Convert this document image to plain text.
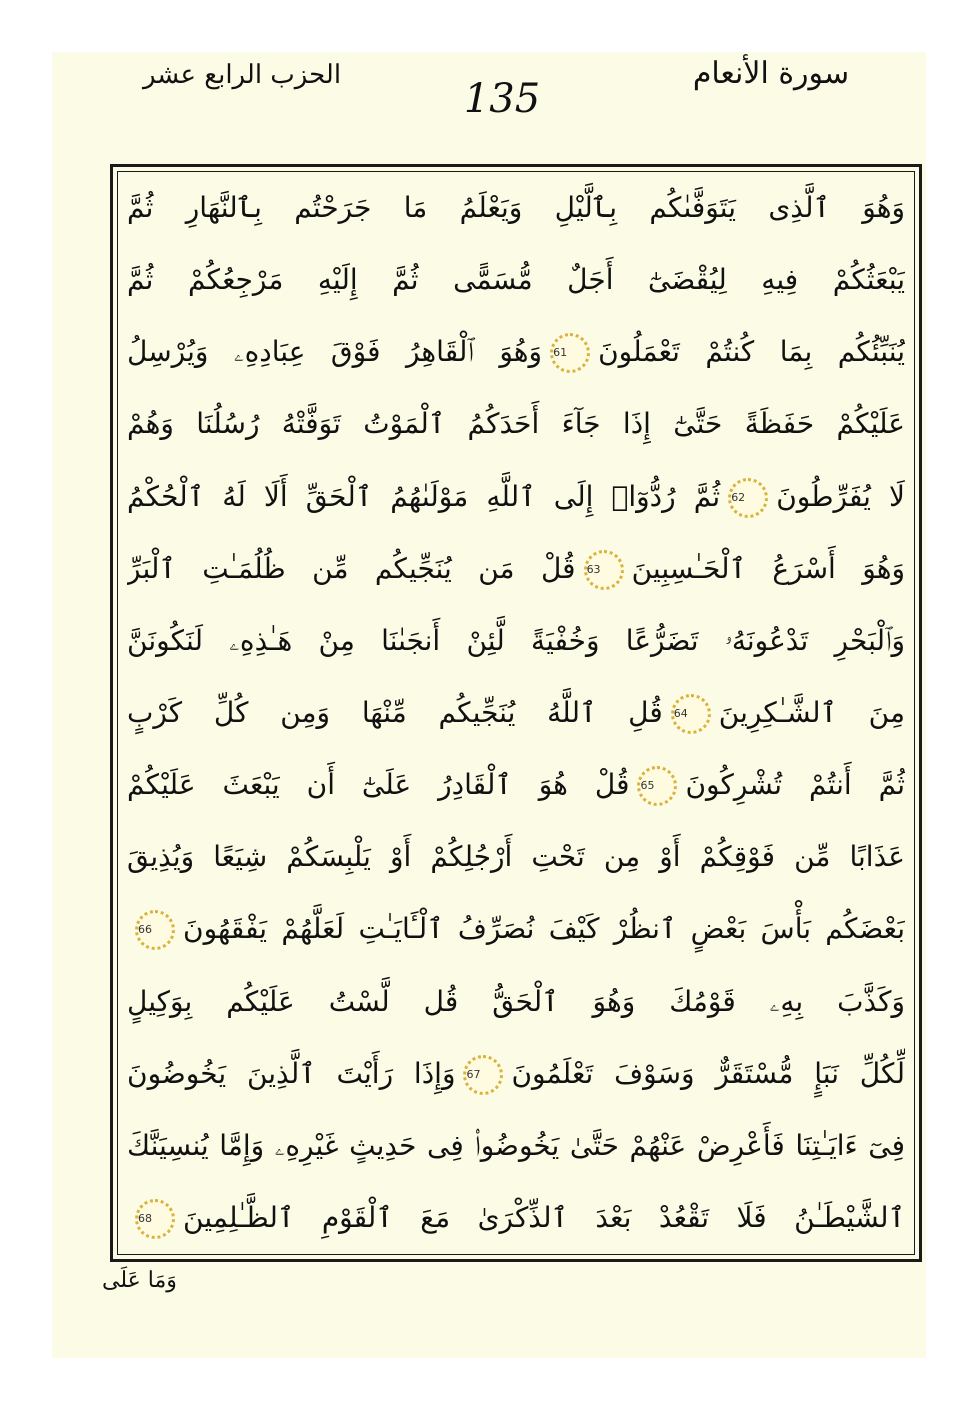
سورة الأنعام
135
الحزب الرابع عشر
وَهُوَ ٱلَّذِى يَتَوَفَّىٰكُم بِٱلَّيْلِ وَيَعْلَمُ مَا جَرَحْتُم بِٱلنَّهَارِ ثُمَّ
يَبْعَثُكُمْ فِيهِ لِيُقْضَىٰٓ أَجَلٌ مُّسَمًّى ثُمَّ إِلَيْهِ مَرْجِعُكُمْ ثُمَّ
يُنَبِّئُكُم بِمَا كُنتُمْ تَعْمَلُونَ61وَهُوَ ٱلْقَاهِرُ فَوْقَ عِبَادِهِۦ وَيُرْسِلُ
عَلَيْكُمْ حَفَظَةً حَتَّىٰٓ إِذَا جَآءَ أَحَدَكُمُ ٱلْمَوْتُ تَوَفَّتْهُ رُسُلُنَا وَهُمْ
لَا يُفَرِّطُونَ62ثُمَّ رُدُّوٓا۟ إِلَى ٱللَّهِ مَوْلَىٰهُمُ ٱلْحَقِّ أَلَا لَهُ ٱلْحُكْمُ
وَهُوَ أَسْرَعُ ٱلْحَـٰسِبِينَ63قُلْ مَن يُنَجِّيكُم مِّن ظُلُمَـٰتِ ٱلْبَرِّ
وَٱلْبَحْرِ تَدْعُونَهُۥ تَضَرُّعًا وَخُفْيَةً لَّئِنْ أَنجَىٰنَا مِنْ هَـٰذِهِۦ لَنَكُونَنَّ
مِنَ ٱلشَّـٰكِرِينَ64قُلِ ٱللَّهُ يُنَجِّيكُم مِّنْهَا وَمِن كُلِّ كَرْبٍ
ثُمَّ أَنتُمْ تُشْرِكُونَ65قُلْ هُوَ ٱلْقَادِرُ عَلَىٰٓ أَن يَبْعَثَ عَلَيْكُمْ
عَذَابًا مِّن فَوْقِكُمْ أَوْ مِن تَحْتِ أَرْجُلِكُمْ أَوْ يَلْبِسَكُمْ شِيَعًا وَيُذِيقَ
بَعْضَكُم بَأْسَ بَعْضٍ ٱنظُرْ كَيْفَ نُصَرِّفُ ٱلْـَٔايَـٰتِ لَعَلَّهُمْ يَفْقَهُونَ66
وَكَذَّبَ بِهِۦ قَوْمُكَ وَهُوَ ٱلْحَقُّ قُل لَّسْتُ عَلَيْكُم بِوَكِيلٍ
لِّكُلِّ نَبَإٍ مُّسْتَقَرٌّ وَسَوْفَ تَعْلَمُونَ67وَإِذَا رَأَيْتَ ٱلَّذِينَ يَخُوضُونَ
فِىٓ ءَايَـٰتِنَا فَأَعْرِضْ عَنْهُمْ حَتَّىٰ يَخُوضُوا۟ فِى حَدِيثٍ غَيْرِهِۦ وَإِمَّا يُنسِيَنَّكَ
ٱلشَّيْطَـٰنُ فَلَا تَقْعُدْ بَعْدَ ٱلذِّكْرَىٰ مَعَ ٱلْقَوْمِ ٱلظَّـٰلِمِينَ68
وَمَا عَلَى
